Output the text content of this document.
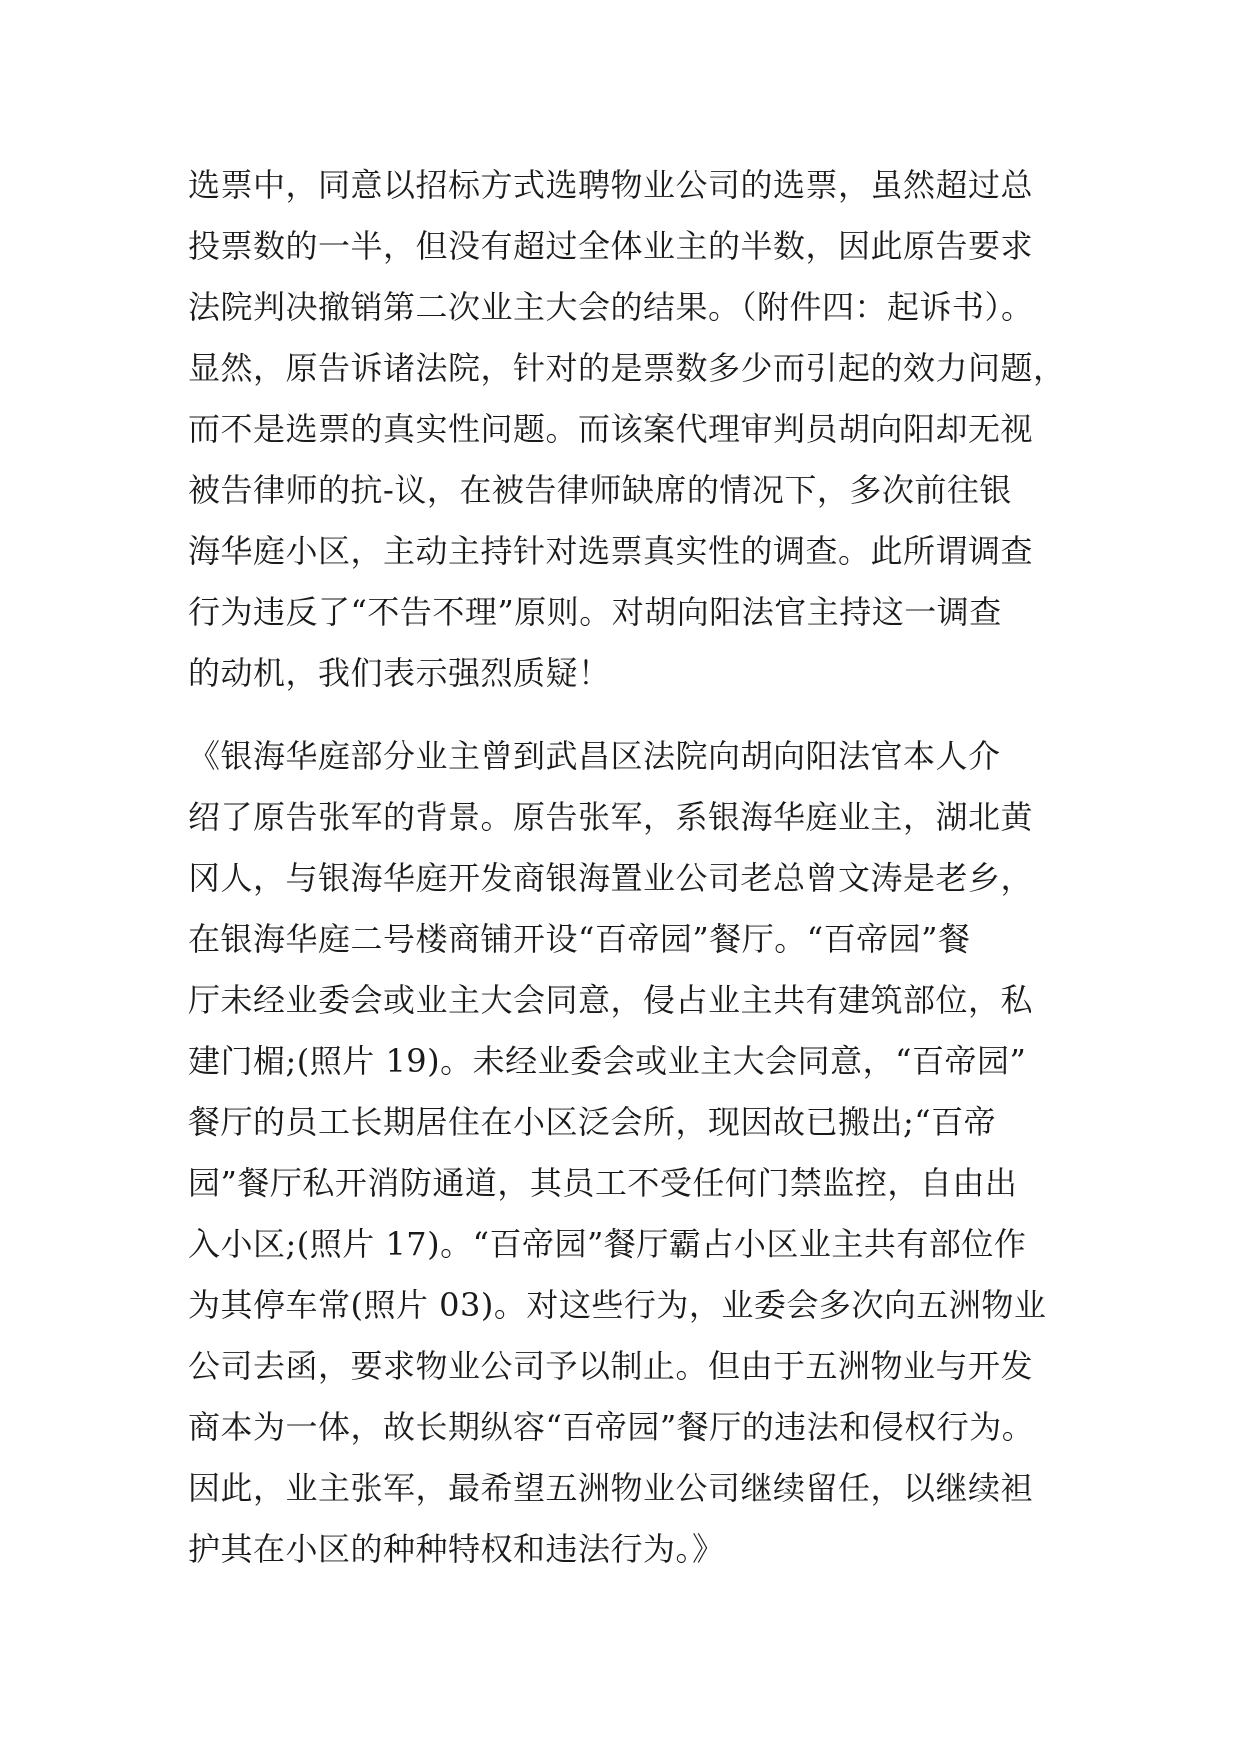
选票中，同意以招标方式选聘物业公司的选票，虽然超过总
投票数的一半，但没有超过全体业主的半数，因此原告要求
法院判决撤销第二次业主大会的结果。（附件四：起诉书）。
显然，原告诉诸法院，针对的是票数多少而引起的效力问题，
而不是选票的真实性问题。而该案代理审判员胡向阳却无视
被告律师的抗-议，在被告律师缺席的情况下，多次前往银
海华庭小区，主动主持针对选票真实性的调查。此所谓调查
行为违反了“不告不理”原则。对胡向阳法官主持这一调查
的动机，我们表示强烈质疑！
《银海华庭部分业主曾到武昌区法院向胡向阳法官本人介
绍了原告张军的背景。原告张军，系银海华庭业主，湖北黄
冈人，与银海华庭开发商银海置业公司老总曾文涛是老乡，
在银海华庭二号楼商铺开设“百帝园”餐厅。“百帝园”餐
厅未经业委会或业主大会同意，侵占业主共有建筑部位，私
建门楣;(照片 19)。未经业委会或业主大会同意，“百帝园”
餐厅的员工长期居住在小区泛会所，现因故已搬出;“百帝
园”餐厅私开消防通道，其员工不受任何门禁监控，自由出
入小区;(照片 17)。“百帝园”餐厅霸占小区业主共有部位作
为其停车常(照片 03)。对这些行为，业委会多次向五洲物业
公司去函，要求物业公司予以制止。但由于五洲物业与开发
商本为一体，故长期纵容“百帝园”餐厅的违法和侵权行为。
因此，业主张军，最希望五洲物业公司继续留任，以继续袒
护其在小区的种种特权和违法行为。》
